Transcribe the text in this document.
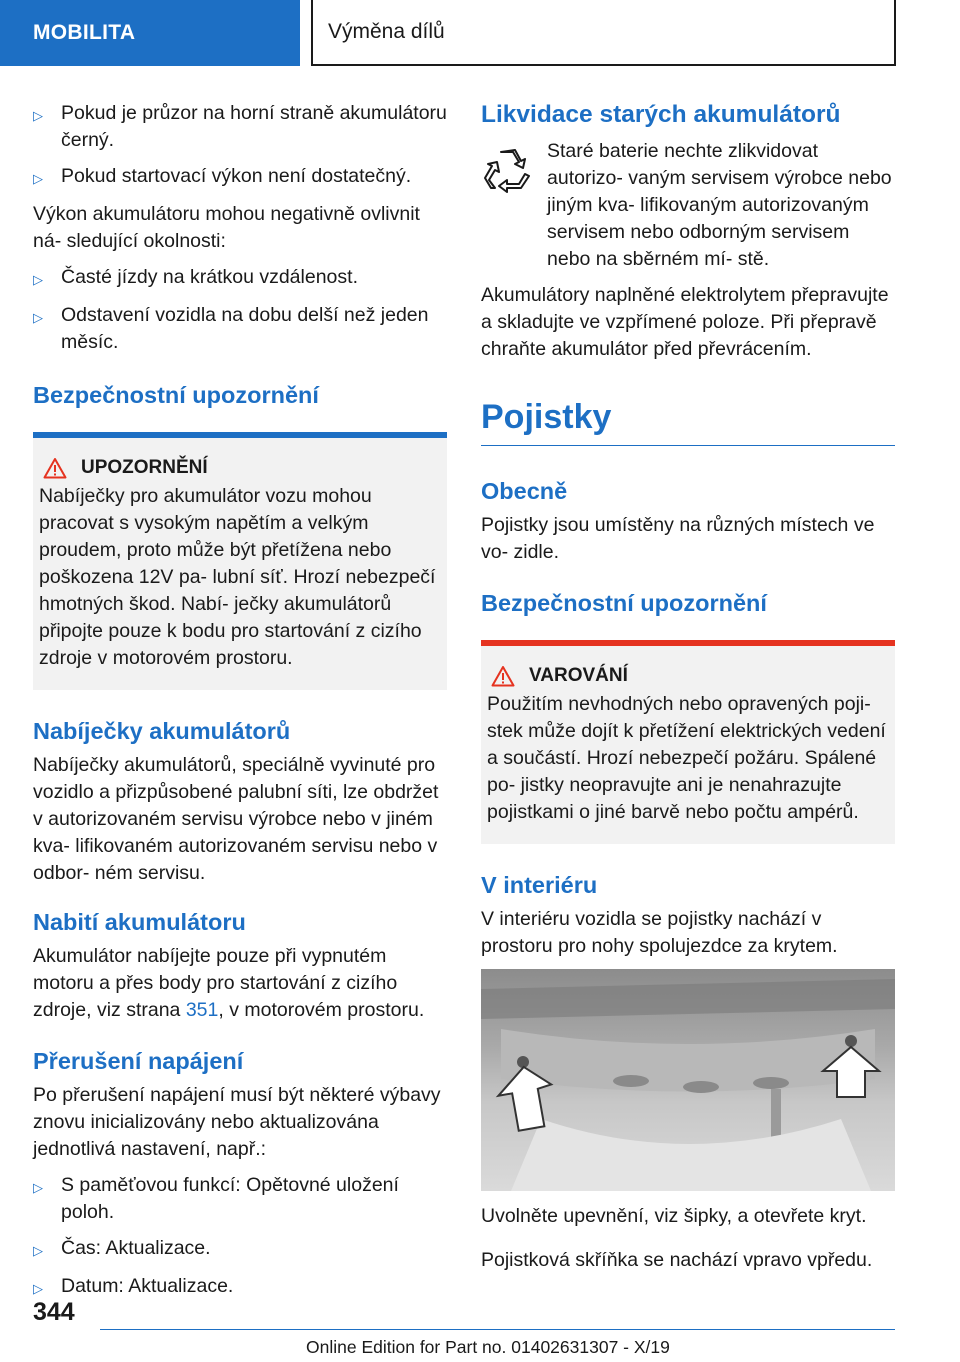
MOBILITA	Výměna dílů
▷ Pokud je průzor na horní straně akumulátoru černý.
▷ Pokud startovací výkon není dostatečný.

Výkon akumulátoru mohou negativně ovlivnit ná- sledující okolnosti:

▷ Časté jízdy na krátkou vzdálenost.
▷ Odstavení vozidla na dobu delší než jeden měsíc.
Bezpečnostní upozornění
UPOZORNĚNÍ
Nabíječky pro akumulátor vozu mohou pracovat s vysokým napětím a velkým proudem, proto může být přetížena nebo poškozena 12V pa- lubní síť. Hrozí nebezpečí hmotných škod. Nabí- ječky akumulátorů připojte pouze k bodu pro startování z cizího zdroje v motorovém prostoru.
Nabíječky akumulátorů

Nabíječky akumulátorů, speciálně vyvinuté pro vozidlo a přizpůsobené palubní síti, lze obdržet v autorizovaném servisu výrobce nebo v jiném kva- lifikovaném autorizovaném servisu nebo v odbor- ném servisu.

Nabití akumulátoru

Akumulátor nabíjejte pouze při vypnutém motoru a přes body pro startování z cizího zdroje, viz strana 351, v motorovém prostoru.

Přerušení napájení

Po přerušení napájení musí být některé výbavy znovu inicializovány nebo aktualizována jednotlivá nastavení, např.:

▷ S paměťovou funkcí: Opětovné uložení poloh.
▷ Čas: Aktualizace.
▷ Datum: Aktualizace.
Likvidace starých akumulátorů
Staré baterie nechte zlikvidovat autorizo- vaným servisem výrobce nebo jiným kva- lifikovaným autorizovaným servisem nebo odborným servisem nebo na sběrném mí- stě.

Akumulátory naplněné elektrolytem přepravujte a skladujte ve vzpřímené poloze. Při přepravě chraňte akumulátor před převrácením.

Pojistky
Obecně

Pojistky jsou umístěny na různých místech ve vo- zidle.

Bezpečnostní upozornění
VAROVÁNÍ
Použitím nevhodných nebo opravených poji- stek může dojít k přetížení elektrických vedení a součástí. Hrozí nebezpečí požáru. Spálené po- jistky neopravujte ani je nenahrazujte pojistkami o jiné barvě nebo počtu ampérů.
V interiéru

V interiéru vozidla se pojistky nachází v prostoru pro nohy spolujezdce za krytem.

Uvolněte upevnění, viz šipky, a otevřete kryt.

Pojistková skříňka se nachází vpravo vpředu.

344
Online Edition for Part no. 01402631307 - X/19
